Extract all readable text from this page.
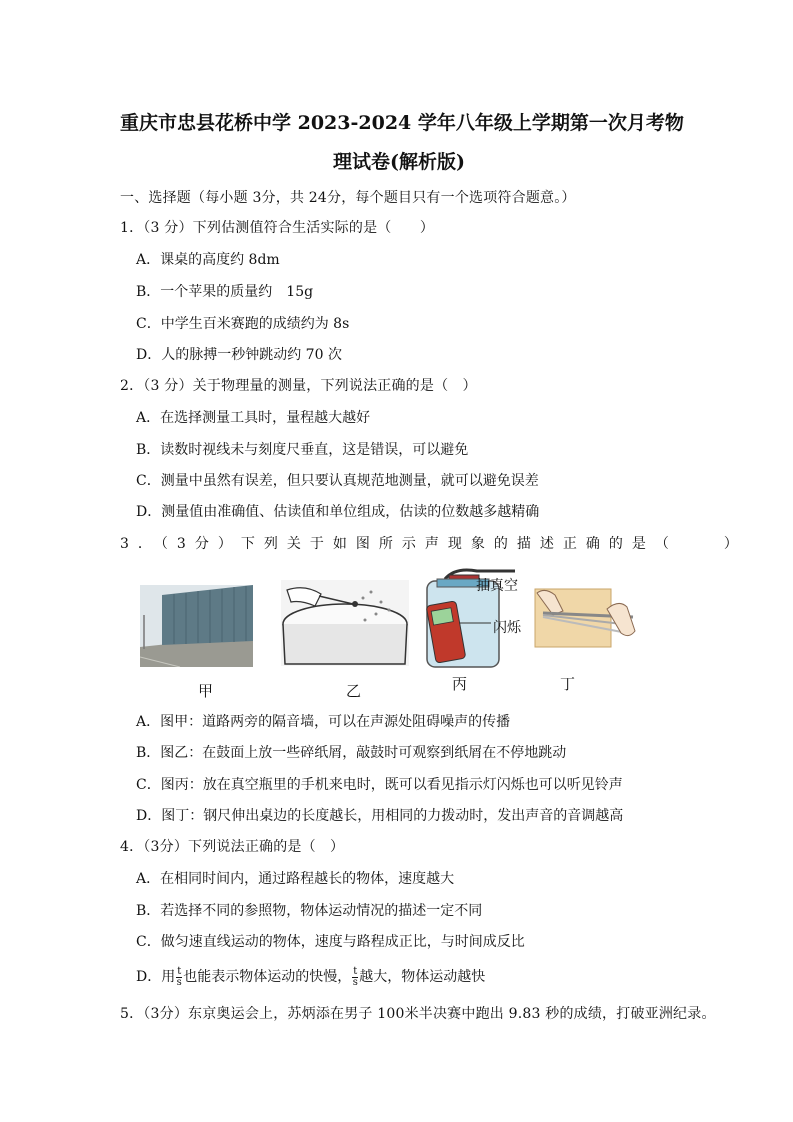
重庆市忠县花桥中学 2023-2024 学年八年级上学期第一次月考物
理试卷(解析版)
一、选择题（每小题 3分，共 24分，每个题目只有一个选项符合题意。）
1．（3 分）下列估测值符合生活实际的是（　　）
A．课桌的高度约 8dm
B．一个苹果的质量约　15g
C．中学生百米赛跑的成绩约为 8s
D．人的脉搏一秒钟跳动约 70 次
2．（3 分）关于物理量的测量，下列说法正确的是（　）
A．在选择测量工具时，量程越大越好
B．读数时视线未与刻度尺垂直，这是错误，可以避免
C．测量中虽然有误差，但只要认真规范地测量，就可以避免误差
D．测量值由准确值、估读值和单位组成，估读的位数越多越精确
3．（3分）下列关于如图所示声现象的描述正确的是（　　）
甲	乙
抽真空
闪烁
丙	丁
A．图甲：道路两旁的隔音墙，可以在声源处阻碍噪声的传播
B．图乙：在鼓面上放一些碎纸屑，敲鼓时可观察到纸屑在不停地跳动
C．图丙：放在真空瓶里的手机来电时，既可以看见指示灯闪烁也可以听见铃声
D．图丁：钢尺伸出桌边的长度越长，用相同的力拨动时，发出声音的音调越高
4．（3分）下列说法正确的是（　）
A．在相同时间内，通过路程越长的物体，速度越大
B．若选择不同的参照物，物体运动情况的描述一定不同
C．做匀速直线运动的物体，速度与路程成正比，与时间成反比
D．用 $\frac{t}{s}$ 也能表示物体运动的快慢， $\frac{t}{s}$ 越大，物体运动越快
5．（3分）东京奥运会上，苏炳添在男子 100米半决赛中跑出 9.83 秒的成绩，打破亚洲纪录。
